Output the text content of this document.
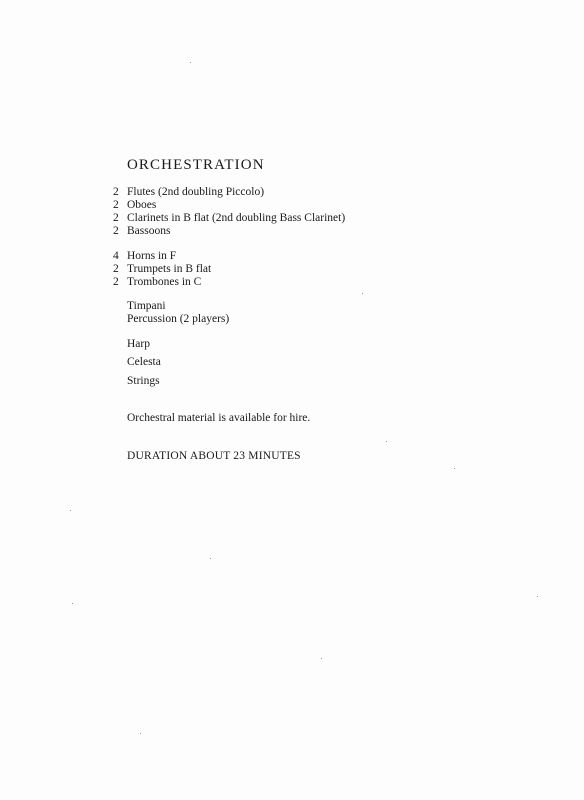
ORCHESTRATION
2 Flutes (2nd doubling Piccolo)
2 Oboes
2 Clarinets in B flat (2nd doubling Bass Clarinet)
2 Bassoons
4 Horns in F
2 Trumpets in B flat
2 Trombones in C
Timpani
Percussion (2 players)
Harp
Celesta
Strings
Orchestral material is available for hire.
DURATION ABOUT 23 MINUTES
